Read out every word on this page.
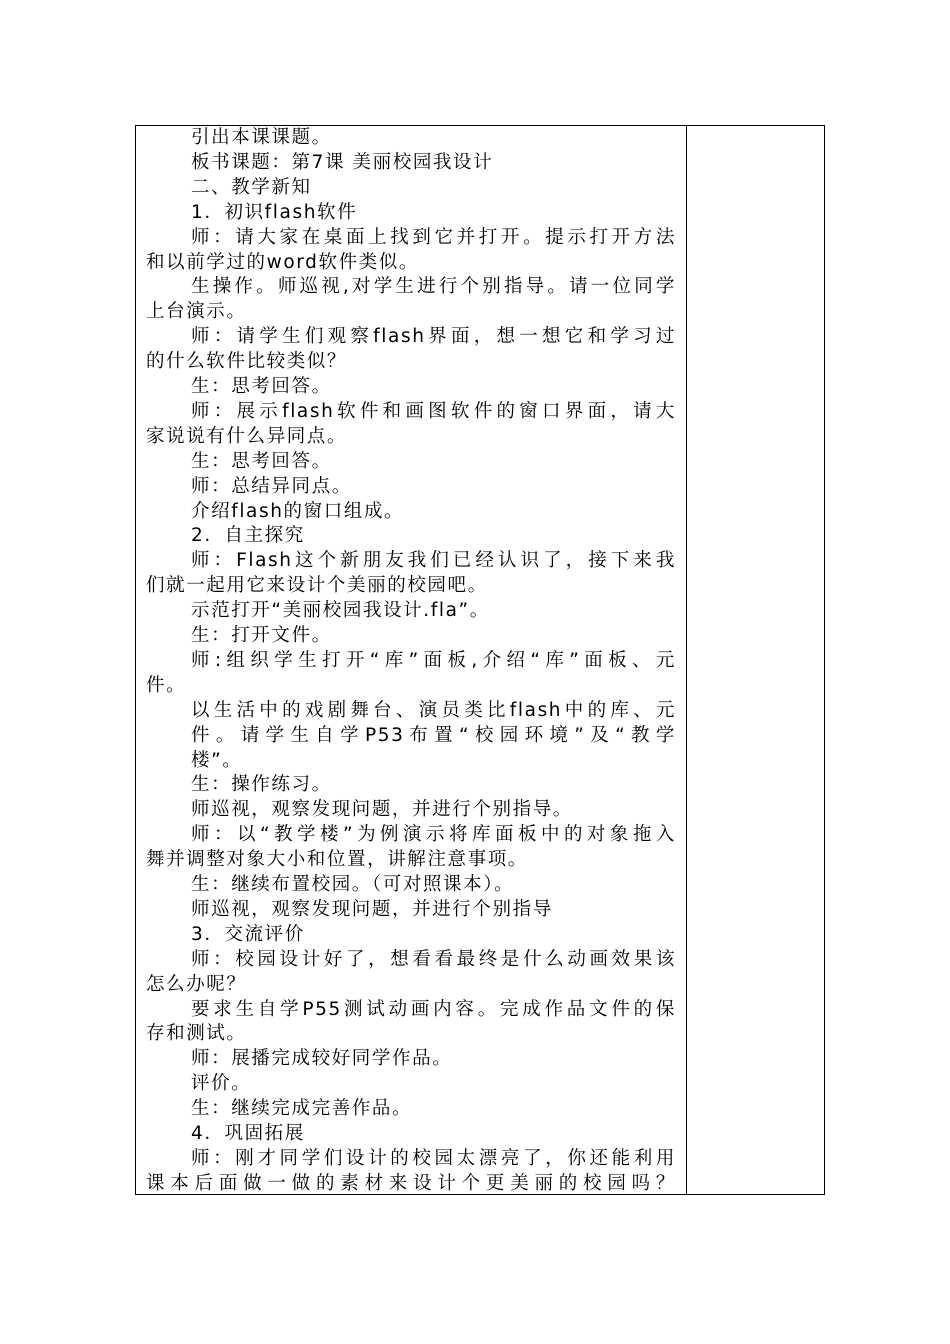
引出本课课题。
板书课题：第7课 美丽校园我设计
二、教学新知
1．初识flash软件
师：请大家在桌面上找到它并打开。提示打开方法
和以前学过的word软件类似。
生操作。师巡视,对学生进行个别指导。请一位同学
上台演示。
师：请学生们观察flash界面，想一想它和学习过
的什么软件比较类似？
生：思考回答。
师：展示flash软件和画图软件的窗口界面，请大
家说说有什么异同点。
生：思考回答。
师：总结异同点。
介绍flash的窗口组成。
2．自主探究
师：Flash这个新朋友我们已经认识了，接下来我
们就一起用它来设计个美丽的校园吧。
示范打开“美丽校园我设计.fla”。
生：打开文件。
师:组织学生打开“库”面板,介绍“库”面板、元
件。
以生活中的戏剧舞台、演员类比flash中的库、元
件。请学生自学P53布置“校园环境”及“教学
楼”。
生：操作练习。
师巡视，观察发现问题，并进行个别指导。
师：以“教学楼”为例演示将库面板中的对象拖入
舞并调整对象大小和位置，讲解注意事项。
生：继续布置校园。（可对照课本）。
师巡视，观察发现问题，并进行个别指导
3．交流评价
师：校园设计好了，想看看最终是什么动画效果该
怎么办呢？
要求生自学P55测试动画内容。完成作品文件的保
存和测试。
师：展播完成较好同学作品。
评价。
生：继续完成完善作品。
4．巩固拓展
师：刚才同学们设计的校园太漂亮了，你还能利用
课本后面做一做的素材来设计个更美丽的校园吗？
